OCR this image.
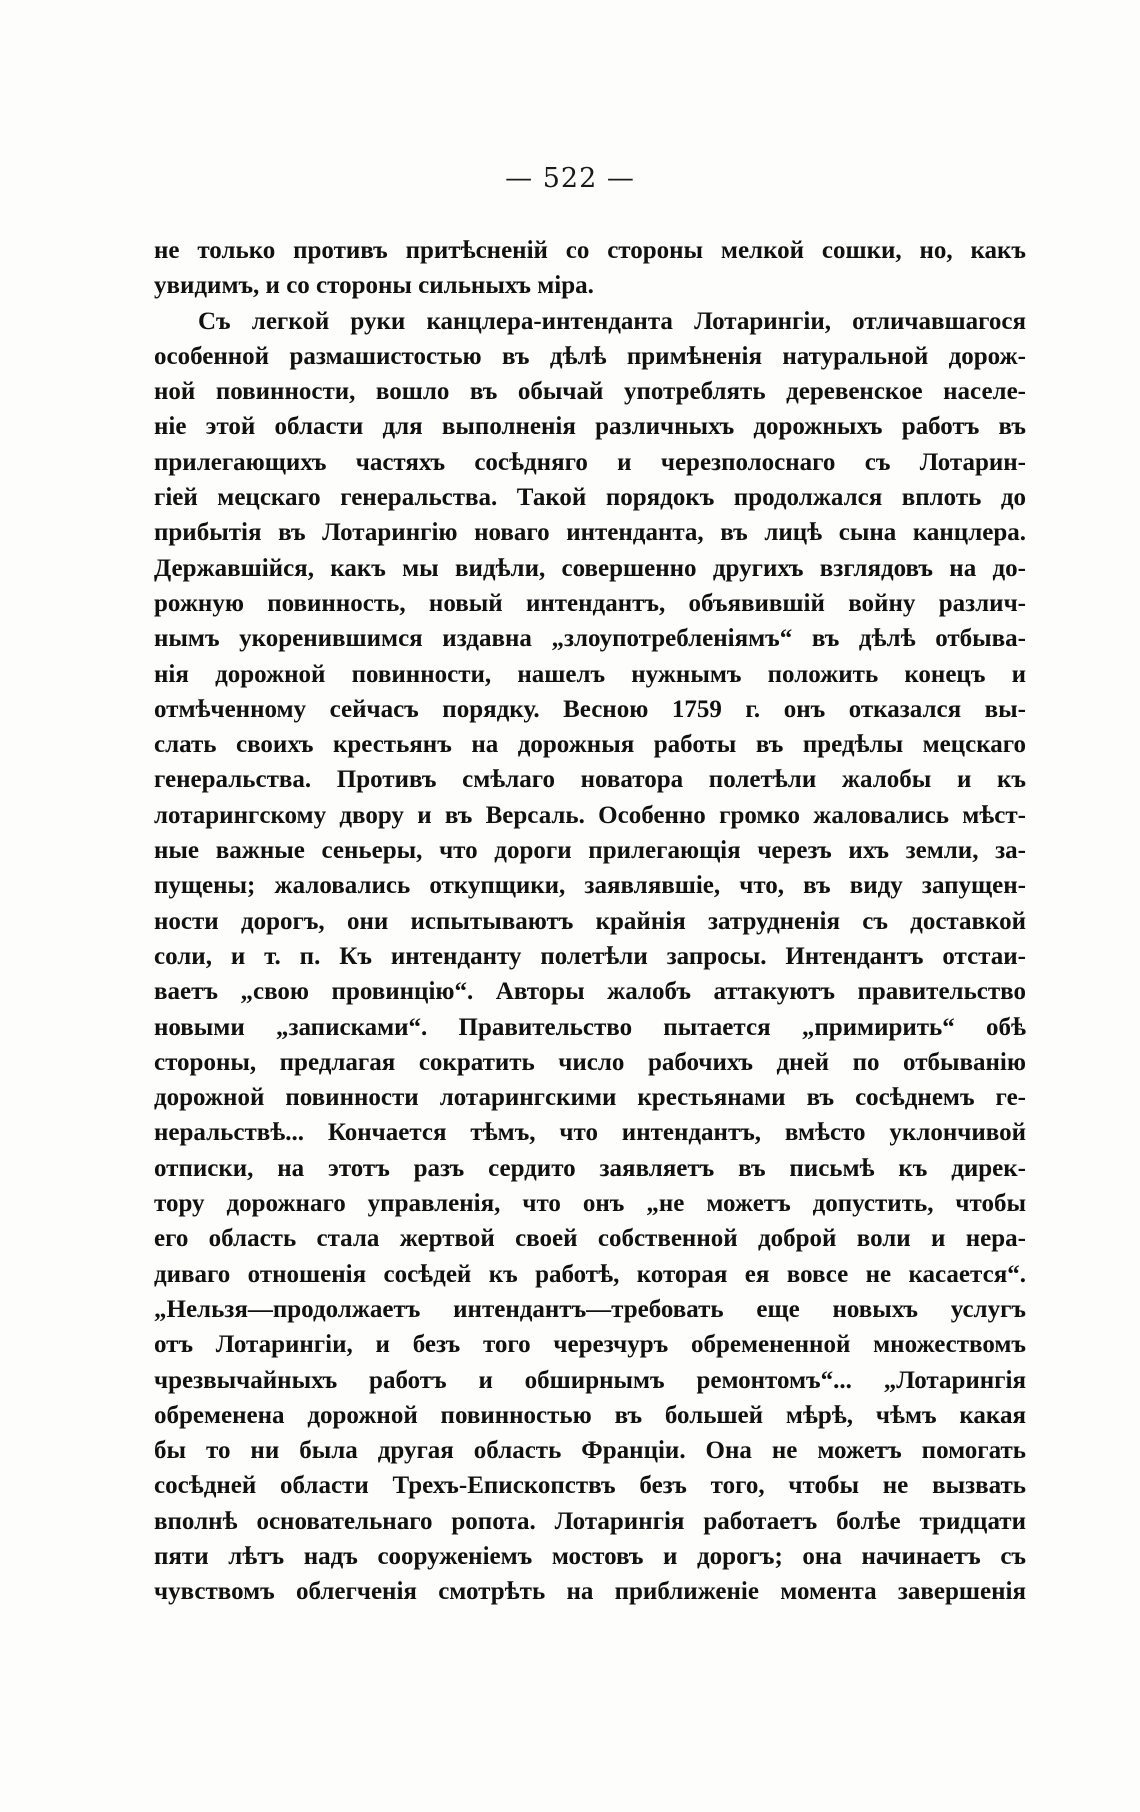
— 522 —
не только противъ притѣсненій со стороны мелкой сошки, но, какъ
увидимъ, и со стороны сильныхъ міра.
Съ легкой руки канцлера-интенданта Лотарингіи, отличавшагося
особенной размашистостью въ дѣлѣ примѣненія натуральной дорож-
ной повинности, вошло въ обычай употреблять деревенское населе-
ніе этой области для выполненія различныхъ дорожныхъ работъ въ
прилегающихъ частяхъ сосѣдняго и черезполоснаго съ Лотарин-
гіей мецскаго генеральства. Такой порядокъ продолжался вплоть до
прибытія въ Лотарингію новаго интенданта, въ лицѣ сына канцлера.
Державшійся, какъ мы видѣли, совершенно другихъ взглядовъ на до-
рожную повинность, новый интендантъ, объявившій войну различ-
нымъ укоренившимся издавна „злоупотребленіямъ“ въ дѣлѣ отбыва-
нія дорожной повинности, нашелъ нужнымъ положить конецъ и
отмѣченному сейчасъ порядку. Весною 1759 г. онъ отказался вы-
слать своихъ крестьянъ на дорожныя работы въ предѣлы мецскаго
генеральства. Противъ смѣлаго новатора полетѣли жалобы и къ
лотарингскому двору и въ Версаль. Особенно громко жаловались мѣст-
ные важные сеньеры, что дороги прилегающія черезъ ихъ земли, за-
пущены; жаловались откупщики, заявлявшіе, что, въ виду запущен-
ности дорогъ, они испытываютъ крайнія затрудненія съ доставкой
соли, и т. п. Къ интенданту полетѣли запросы. Интендантъ отстаи-
ваетъ „свою провинцію“. Авторы жалобъ аттакуютъ правительство
новыми „записками“. Правительство пытается „примирить“ обѣ
стороны, предлагая сократить число рабочихъ дней по отбыванію
дорожной повинности лотарингскими крестьянами въ сосѣднемъ ге-
неральствѣ... Кончается тѣмъ, что интендантъ, вмѣсто уклончивой
отписки, на этотъ разъ сердито заявляетъ въ письмѣ къ дирек-
тору дорожнаго управленія, что онъ „не можетъ допустить, чтобы
его область стала жертвой своей собственной доброй воли и нера-
диваго отношенія сосѣдей къ работѣ, которая ея вовсе не касается“.
„Нельзя—продолжаетъ интендантъ—требовать еще новыхъ услугъ
отъ Лотарингіи, и безъ того черезчуръ обремененной множествомъ
чрезвычайныхъ работъ и обширнымъ ремонтомъ“... „Лотарингія
обременена дорожной повинностью въ большей мѣрѣ, чѣмъ какая
бы то ни была другая область Франціи. Она не можетъ помогать
сосѣдней области Трехъ-Епископствъ безъ того, чтобы не вызвать
вполнѣ основательнаго ропота. Лотарингія работаетъ болѣе тридцати
пяти лѣтъ надъ сооруженіемъ мостовъ и дорогъ; она начинаетъ съ
чувствомъ облегченія смотрѣть на приближеніе момента завершенія
